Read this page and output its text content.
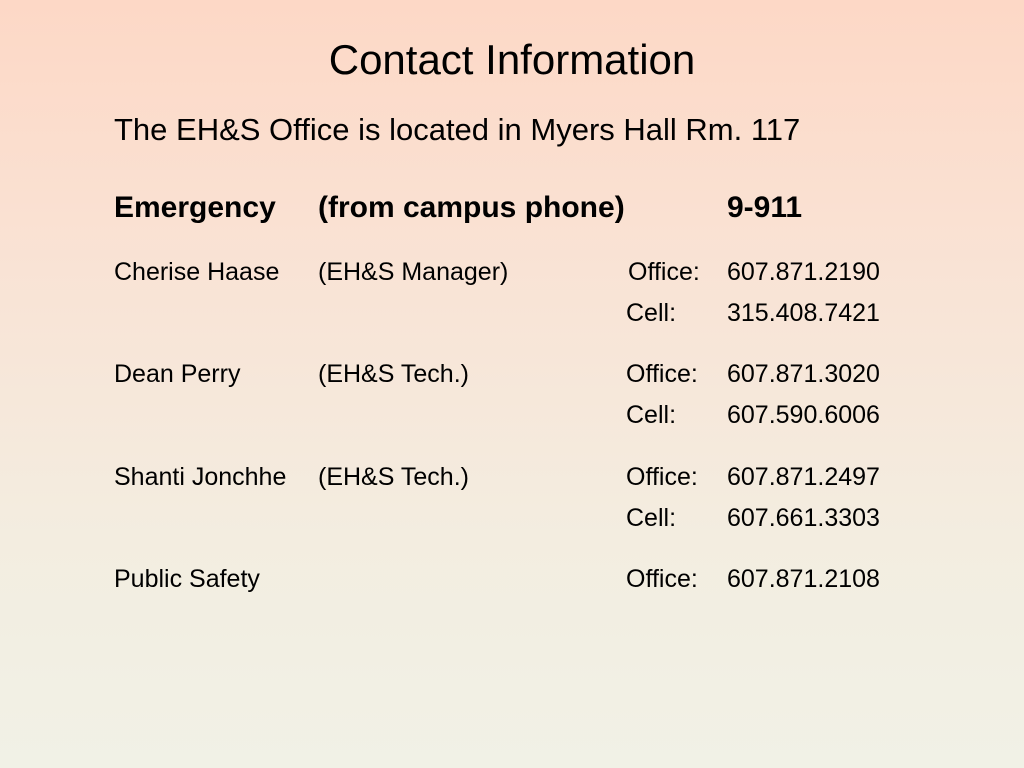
Contact Information
The EH&S Office is located in Myers Hall Rm. 117
Emergency (from campus phone)	9-911
Cherise Haase (EH&S Manager)	Office: 607.871.2190
Cell: 315.408.7421
Dean Perry	(EH&S Tech.)	Office: 607.871.3020
Cell: 607.590.6006
Shanti Jonchhe (EH&S Tech.)	Office: 607.871.2497
Cell: 607.661.3303
Public Safety	Office: 607.871.2108
